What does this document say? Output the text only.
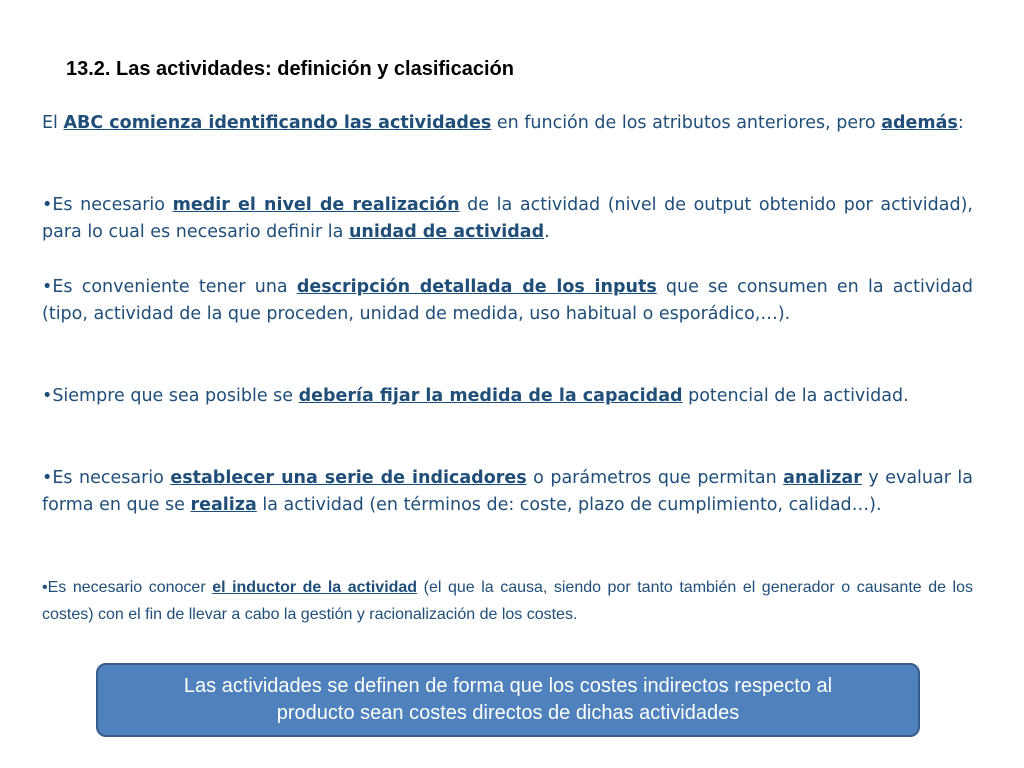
13.2. Las actividades: definición y clasificación

El ABC comienza identificando las actividades en función de los atributos anteriores, pero además:

•Es necesario medir el nivel de realización de la actividad (nivel de output obtenido por actividad), para lo cual es necesario definir la unidad de actividad.

•Es conveniente tener una descripción detallada de los inputs que se consumen en la actividad (tipo, actividad de la que proceden, unidad de medida, uso habitual o esporádico,…).

•Siempre que sea posible se debería fijar la medida de la capacidad potencial de la actividad.

•Es necesario establecer una serie de indicadores o parámetros que permitan analizar y evaluar la forma en que se realiza la actividad (en términos de: coste, plazo de cumplimiento, calidad…).

•Es necesario conocer el inductor de la actividad (el que la causa, siendo por tanto también el generador o causante de los costes) con el fin de llevar a cabo la gestión y racionalización de los costes.

Las actividades se definen de forma que los costes indirectos respecto al
producto sean costes directos de dichas actividades
